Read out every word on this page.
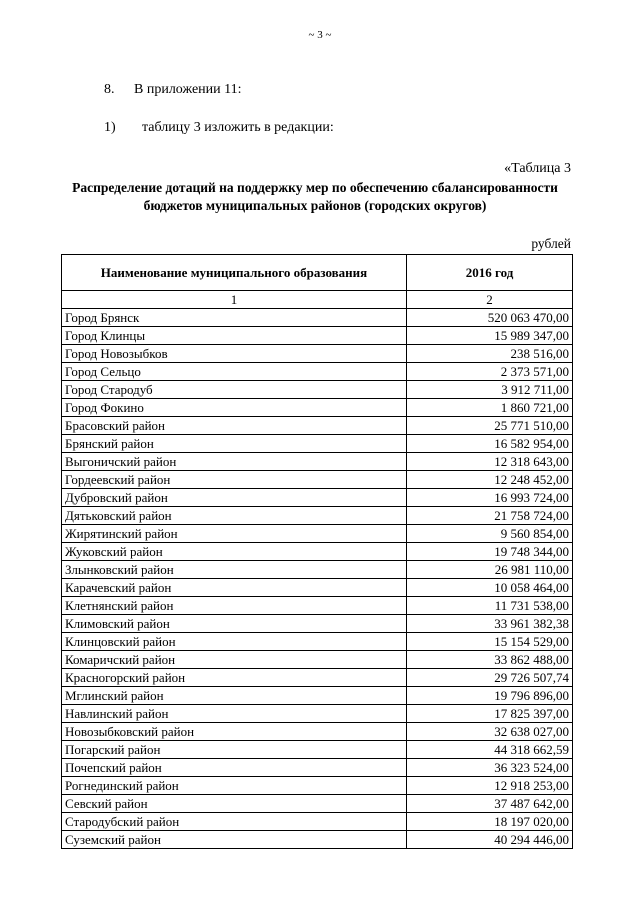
~ 3 ~
8. В приложении 11:
1) таблицу 3 изложить в редакции:
«Таблица 3
Распределение дотаций на поддержку мер по обеспечению сбалансированности бюджетов муниципальных районов (городских округов)
рублей
Наименование муниципального образования	2016 год
1	2
Город Брянск	520 063 470,00
Город Клинцы	15 989 347,00
Город Новозыбков	238 516,00
Город Сельцо	2 373 571,00
Город Стародуб	3 912 711,00
Город Фокино	1 860 721,00
Брасовский район	25 771 510,00
Брянский район	16 582 954,00
Выгоничский район	12 318 643,00
Гордеевский район	12 248 452,00
Дубровский район	16 993 724,00
Дятьковский район	21 758 724,00
Жирятинский район	9 560 854,00
Жуковский район	19 748 344,00
Злынковский район	26 981 110,00
Карачевский район	10 058 464,00
Клетнянский район	11 731 538,00
Климовский район	33 961 382,38
Клинцовский район	15 154 529,00
Комаричский район	33 862 488,00
Красногорский район	29 726 507,74
Мглинский район	19 796 896,00
Навлинский район	17 825 397,00
Новозыбковский район	32 638 027,00
Погарский район	44 318 662,59
Почепский район	36 323 524,00
Рогнединский район	12 918 253,00
Севский район	37 487 642,00
Стародубский район	18 197 020,00
Суземский район	40 294 446,00
